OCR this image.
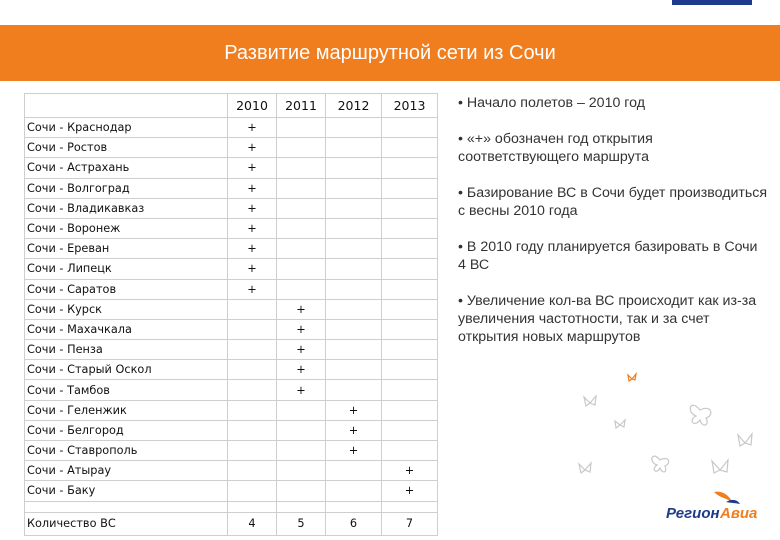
Развитие маршрутной сети из Сочи
	2010	2011	2012	2013
Сочи - Краснодар	+			
Сочи - Ростов	+			
Сочи - Астрахань	+			
Сочи - Волгоград	+			
Сочи - Владикавказ	+			
Сочи - Воронеж	+			
Сочи - Ереван	+			
Сочи - Липецк	+			
Сочи - Саратов	+			
Сочи - Курск		+		
Сочи - Махачкала		+		
Сочи - Пенза		+		
Сочи - Старый Оскол		+		
Сочи - Тамбов		+		
Сочи - Геленжик			+	
Сочи - Белгород			+	
Сочи - Ставрополь			+	
Сочи - Атырау				+
Сочи - Баку				+

Количество ВС	4	5	6	7
• Начало полетов – 2010 год
• «+» обозначен год открытия соответствующего маршрута
• Базирование ВС в Сочи будет производиться с весны 2010 года
• В 2010 году планируется базировать в Сочи 4 ВС
• Увеличение кол-ва ВС происходит как из-за увеличения частотности, так и за счет открытия новых маршрутов
Регион Авиа
